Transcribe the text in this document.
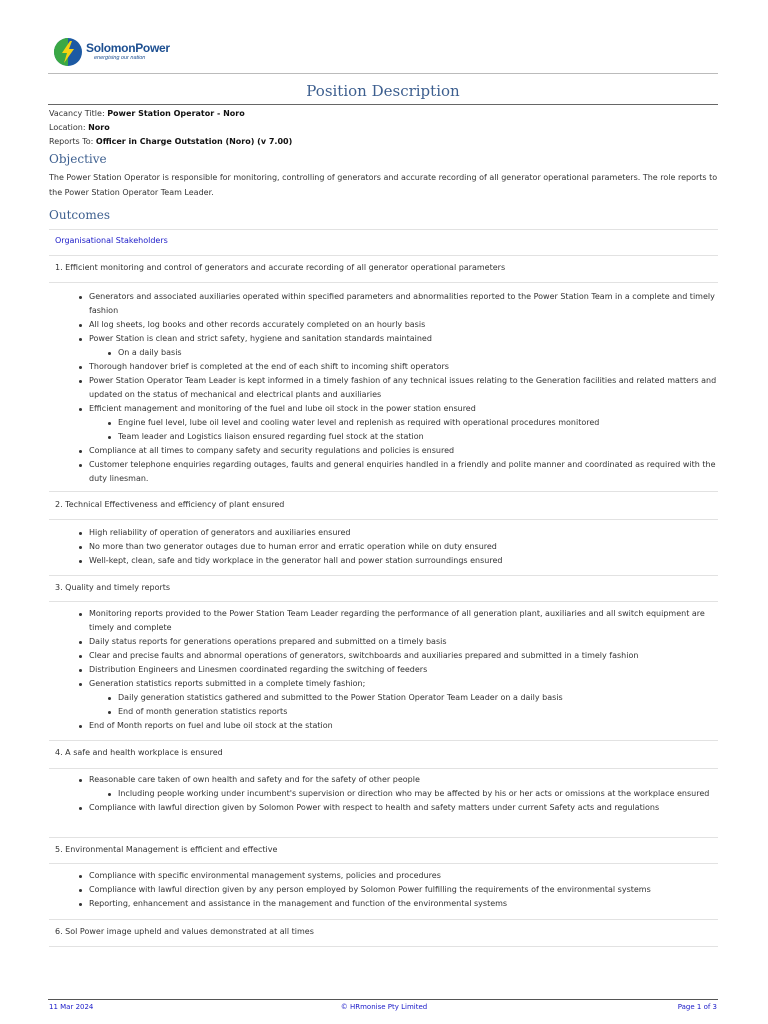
SolomonPower
energising our nation
Position Description
Vacancy Title: Power Station Operator - Noro
Location: Noro
Reports To: Officer in Charge Outstation (Noro) (v 7.00)
Objective
The Power Station Operator is responsible for monitoring, controlling of generators and accurate recording of all generator operational parameters. The role reports to the Power Station Operator Team Leader.
Outcomes
Organisational Stakeholders
1. Efficient monitoring and control of generators and accurate recording of all generator operational parameters
Generators and associated auxiliaries operated within specified parameters and abnormalities reported to the Power Station Team in a complete and timely fashion
All log sheets, log books and other records accurately completed on an hourly basis
Power Station is clean and strict safety, hygiene and sanitation standards maintained
On a daily basis
Thorough handover brief is completed at the end of each shift to incoming shift operators
Power Station Operator Team Leader is kept informed in a timely fashion of any technical issues relating to the Generation facilities and related matters and updated on the status of mechanical and electrical plants and auxiliaries
Efficient management and monitoring of the fuel and lube oil stock in the power station ensured
Engine fuel level, lube oil level and cooling water level and replenish as required with operational procedures monitored
Team leader and Logistics liaison ensured regarding fuel stock at the station
Compliance at all times to company safety and security regulations and policies is ensured
Customer telephone enquiries regarding outages, faults and general enquiries handled in a friendly and polite manner and coordinated as required with the duty linesman.
2. Technical Effectiveness and efficiency of plant ensured
High reliability of operation of generators and auxiliaries ensured
No more than two generator outages due to human error and erratic operation while on duty ensured
Well-kept, clean, safe and tidy workplace in the generator hall and power station surroundings ensured
3. Quality and timely reports
Monitoring reports provided to the Power Station Team Leader regarding the performance of all generation plant, auxiliaries and all switch equipment are timely and complete
Daily status reports for generations operations prepared and submitted on a timely basis
Clear and precise faults and abnormal operations of generators, switchboards and auxiliaries prepared and submitted in a timely fashion
Distribution Engineers and Linesmen coordinated regarding the switching of feeders
Generation statistics reports submitted in a complete timely fashion;
Daily generation statistics gathered and submitted to the Power Station Operator Team Leader on a daily basis
End of month generation statistics reports
End of Month reports on fuel and lube oil stock at the station
4. A safe and health workplace is ensured
Reasonable care taken of own health and safety and for the safety of other people
Including people working under incumbent's supervision or direction who may be affected by his or her acts or omissions at the workplace ensured
Compliance with lawful direction given by Solomon Power with respect to health and safety matters under current Safety acts and regulations
5. Environmental Management is efficient and effective
Compliance with specific environmental management systems, policies and procedures
Compliance with lawful direction given by any person employed by Solomon Power fulfilling the requirements of the environmental systems
Reporting, enhancement and assistance in the management and function of the environmental systems
6. Sol Power image upheld and values demonstrated at all times
11 Mar 2024	© HRmonise Pty Limited	Page 1 of 3
